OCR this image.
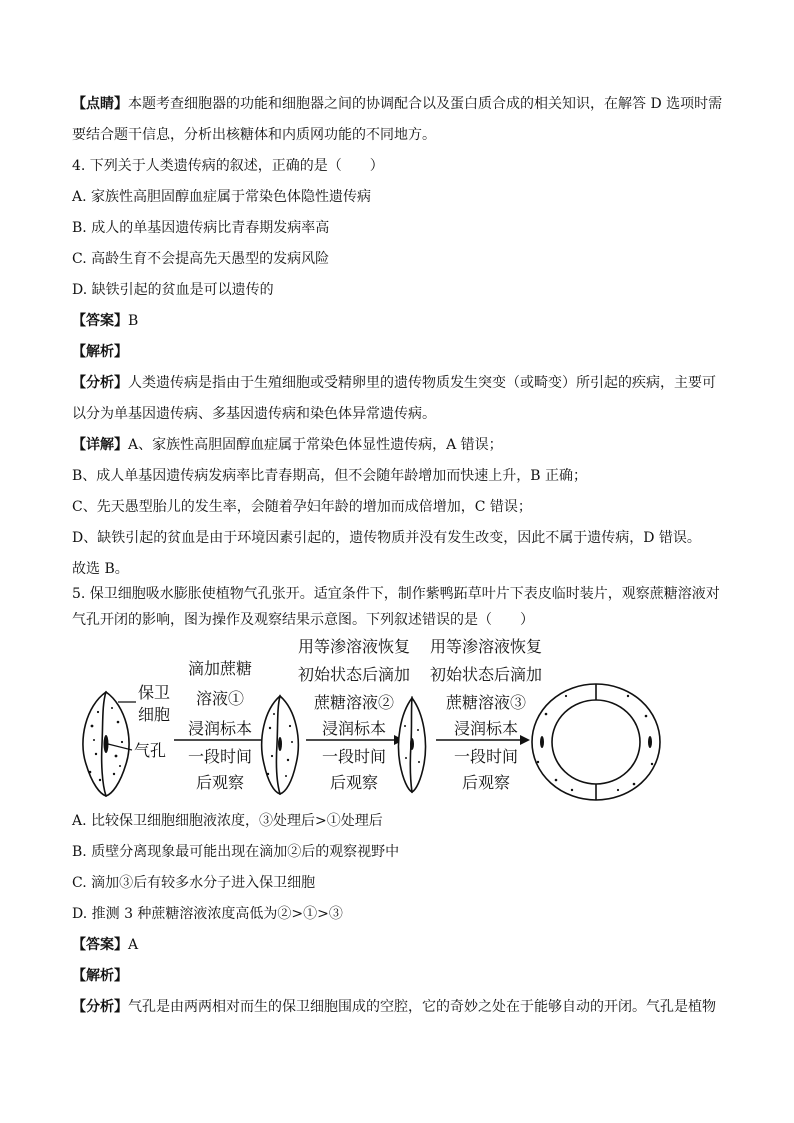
【点睛】本题考查细胞器的功能和细胞器之间的协调配合以及蛋白质合成的相关知识，在解答 D 选项时需
要结合题干信息，分析出核糖体和内质网功能的不同地方。
4. 下列关于人类遗传病的叙述，正确的是（　　）
A. 家族性高胆固醇血症属于常染色体隐性遗传病
B. 成人的单基因遗传病比青春期发病率高
C. 高龄生育不会提高先天愚型的发病风险
D. 缺铁引起的贫血是可以遗传的
【答案】B
【解析】
【分析】人类遗传病是指由于生殖细胞或受精卵里的遗传物质发生突变（或畸变）所引起的疾病，主要可
以分为单基因遗传病、多基因遗传病和染色体异常遗传病。
【详解】A、家族性高胆固醇血症属于常染色体显性遗传病，A 错误；
B、成人单基因遗传病发病率比青春期高，但不会随年龄增加而快速上升，B 正确；
C、先天愚型胎儿的发生率，会随着孕妇年龄的增加而成倍增加，C 错误；
D、缺铁引起的贫血是由于环境因素引起的，遗传物质并没有发生改变，因此不属于遗传病，D 错误。
故选 B。
5. 保卫细胞吸水膨胀使植物气孔张开。适宜条件下，制作紫鸭跖草叶片下表皮临时装片，观察蔗糖溶液对
气孔开闭的影响，图为操作及观察结果示意图。下列叙述错误的是（　　）
保卫
细胞
气孔
滴加蔗糖
溶液①
浸润标本
一段时间
后观察
用等渗溶液恢复
初始状态后滴加
蔗糖溶液②
浸润标本
一段时间
后观察
用等渗溶液恢复
初始状态后滴加
蔗糖溶液③
浸润标本
一段时间
后观察
A. 比较保卫细胞细胞液浓度，③处理后>①处理后
B. 质壁分离现象最可能出现在滴加②后的观察视野中
C. 滴加③后有较多水分子进入保卫细胞
D. 推测 3 种蔗糖溶液浓度高低为②>①>③
【答案】A
【解析】
【分析】气孔是由两两相对而生的保卫细胞围成的空腔，它的奇妙之处在于能够自动的开闭。气孔是植物
